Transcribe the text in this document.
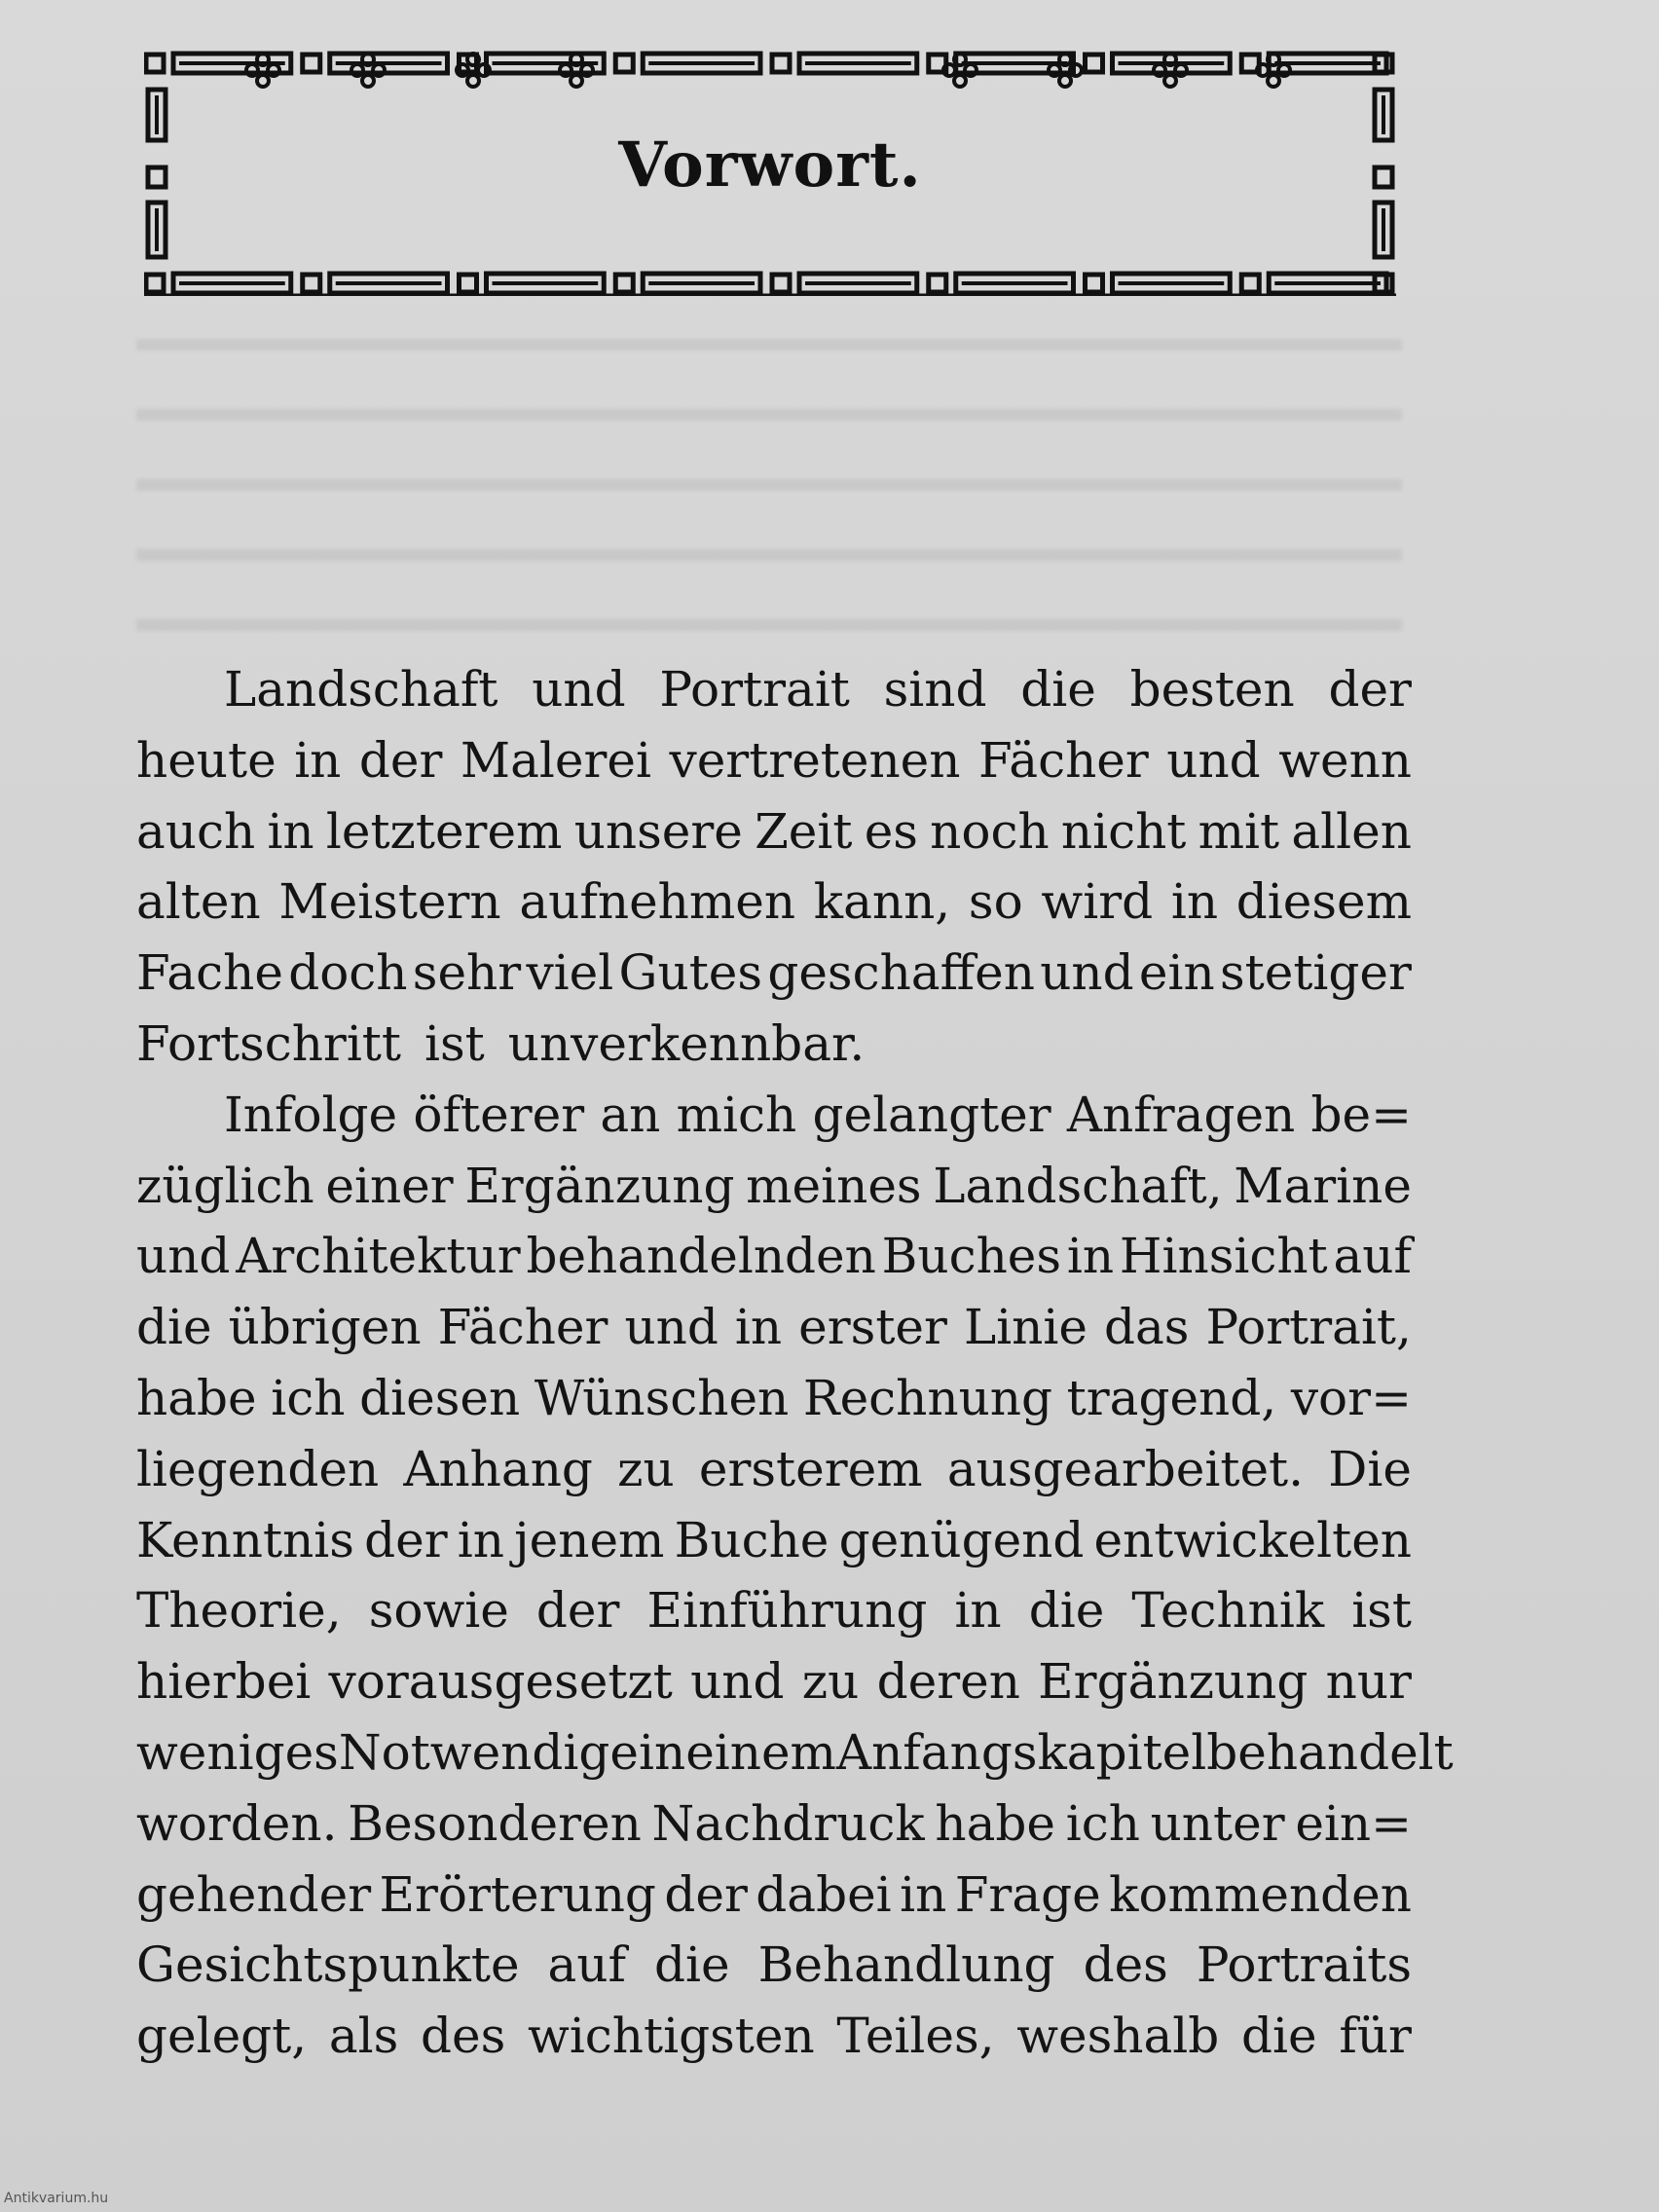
Vorwort.
Landschaft und Portrait sind die besten der
heute in der Malerei vertretenen Fächer und wenn
auch in letzterem unsere Zeit es noch nicht mit allen
alten Meistern aufnehmen kann, so wird in diesem
Fache doch sehr viel Gutes geschaffen und ein stetiger
Fortschritt ist unverkennbar.
Infolge öfterer an mich gelangter Anfragen be=
züglich einer Ergänzung meines Landschaft, Marine
und Architektur behandelnden Buches in Hinsicht auf
die übrigen Fächer und in erster Linie das Portrait,
habe ich diesen Wünschen Rechnung tragend, vor=
liegenden Anhang zu ersterem ausgearbeitet. Die
Kenntnis der in jenem Buche genügend entwickelten
Theorie, sowie der Einführung in die Technik ist
hierbei vorausgesetzt und zu deren Ergänzung nur
weniges Notwendige in einem Anfangskapitel behandelt
worden. Besonderen Nachdruck habe ich unter ein=
gehender Erörterung der dabei in Frage kommenden
Gesichtspunkte auf die Behandlung des Portraits
gelegt, als des wichtigsten Teiles, weshalb die für
Antikvarium.hu
